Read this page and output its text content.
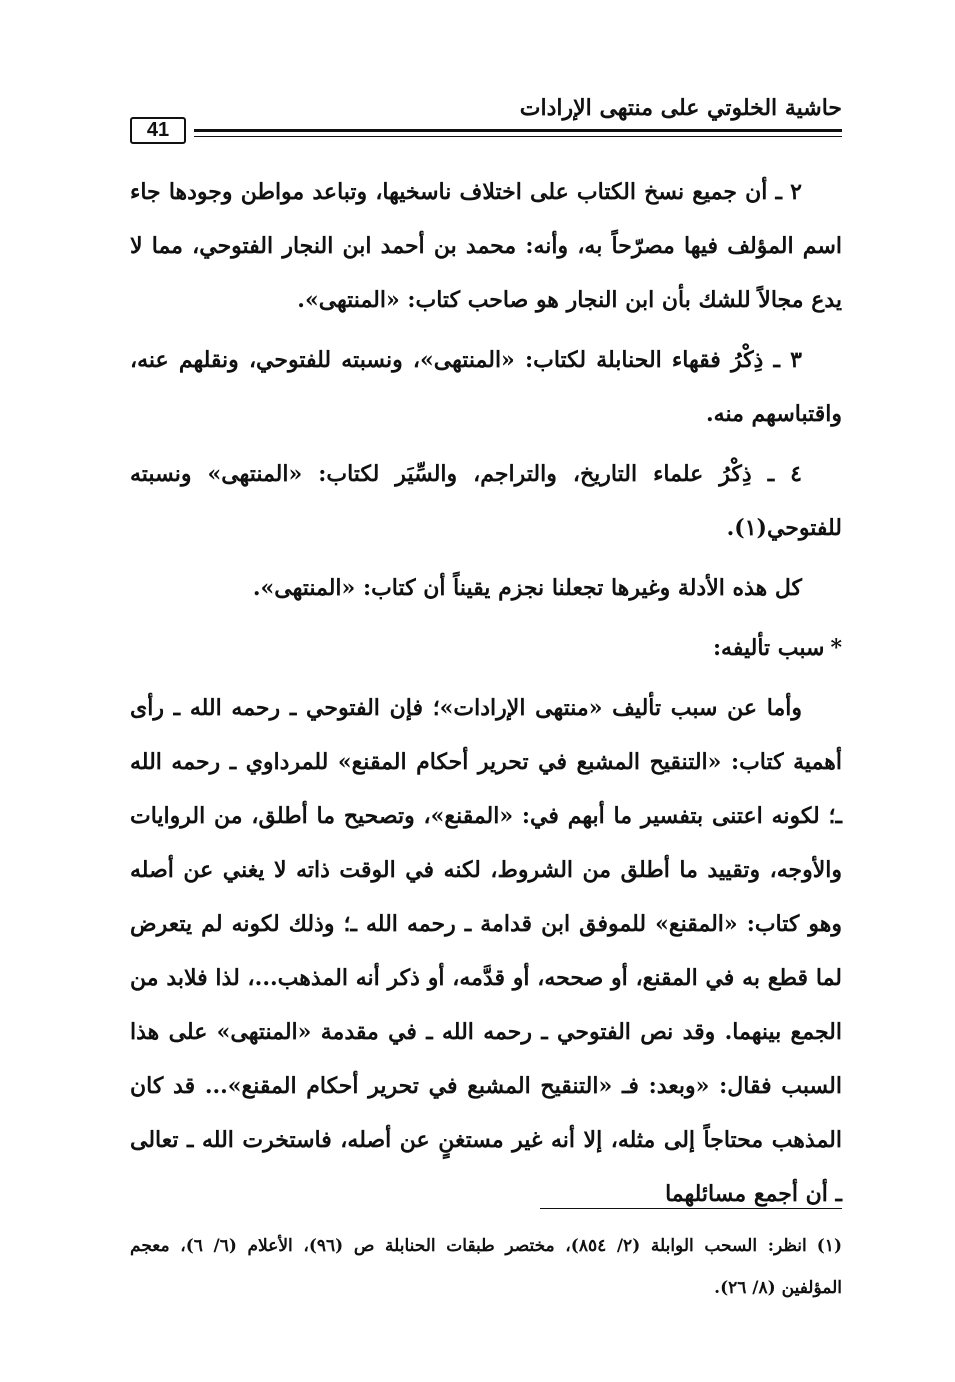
41
حاشية الخلوتي على منتهى الإرادات

٢ ـ أن جميع نسخ الكتاب على اختلاف ناسخيها، وتباعد مواطن وجودها جاء اسم المؤلف فيها مصرّحاً به، وأنه: محمد بن أحمد ابن النجار الفتوحي، مما لا يدع مجالاً للشك بأن ابن النجار هو صاحب كتاب: «المنتهى».

٣ ـ ذِكْرُ فقهاء الحنابلة لكتاب: «المنتهى»، ونسبته للفتوحي، ونقلهم عنه، واقتباسهم منه.

٤ ـ ذِكْرُ علماء التاريخ، والتراجم، والسِّيَر لكتاب: «المنتهى» ونسبته للفتوحي(١).

كل هذه الأدلة وغيرها تجعلنا نجزم يقيناً أن كتاب: «المنتهى».

*سبب تأليفه:

وأما عن سبب تأليف «منتهى الإرادات»؛ فإن الفتوحي ـ رحمه الله ـ رأى أهمية كتاب: «التنقيح المشبع في تحرير أحكام المقنع» للمرداوي ـ رحمه الله ـ؛ لكونه اعتنى بتفسير ما أبهم في: «المقنع»، وتصحيح ما أطلق، من الروايات والأوجه، وتقييد ما أطلق من الشروط، لكنه في الوقت ذاته لا يغني عن أصله وهو كتاب: «المقنع» للموفق ابن قدامة ـ رحمه الله ـ؛ وذلك لكونه لم يتعرض لما قطع به في المقنع، أو صححه، أو قدَّمه، أو ذكر أنه المذهب...، لذا فلابد من الجمع بينهما. وقد نص الفتوحي ـ رحمه الله ـ في مقدمة «المنتهى» على هذا السبب فقال: «وبعد: فـ «التنقيح المشبع في تحرير أحكام المقنع»... قد كان المذهب محتاجاً إلى مثله، إلا أنه غير مستغنٍ عن أصله، فاستخرت الله ـ تعالى ـ أن أجمع مسائلهما

(١)انظر: السحب الوابلة (٢/ ٨٥٤)، مختصر طبقات الحنابلة ص (٩٦)، الأعلام (٦/ ٦)، معجم المؤلفين (٨/ ٢٦).
